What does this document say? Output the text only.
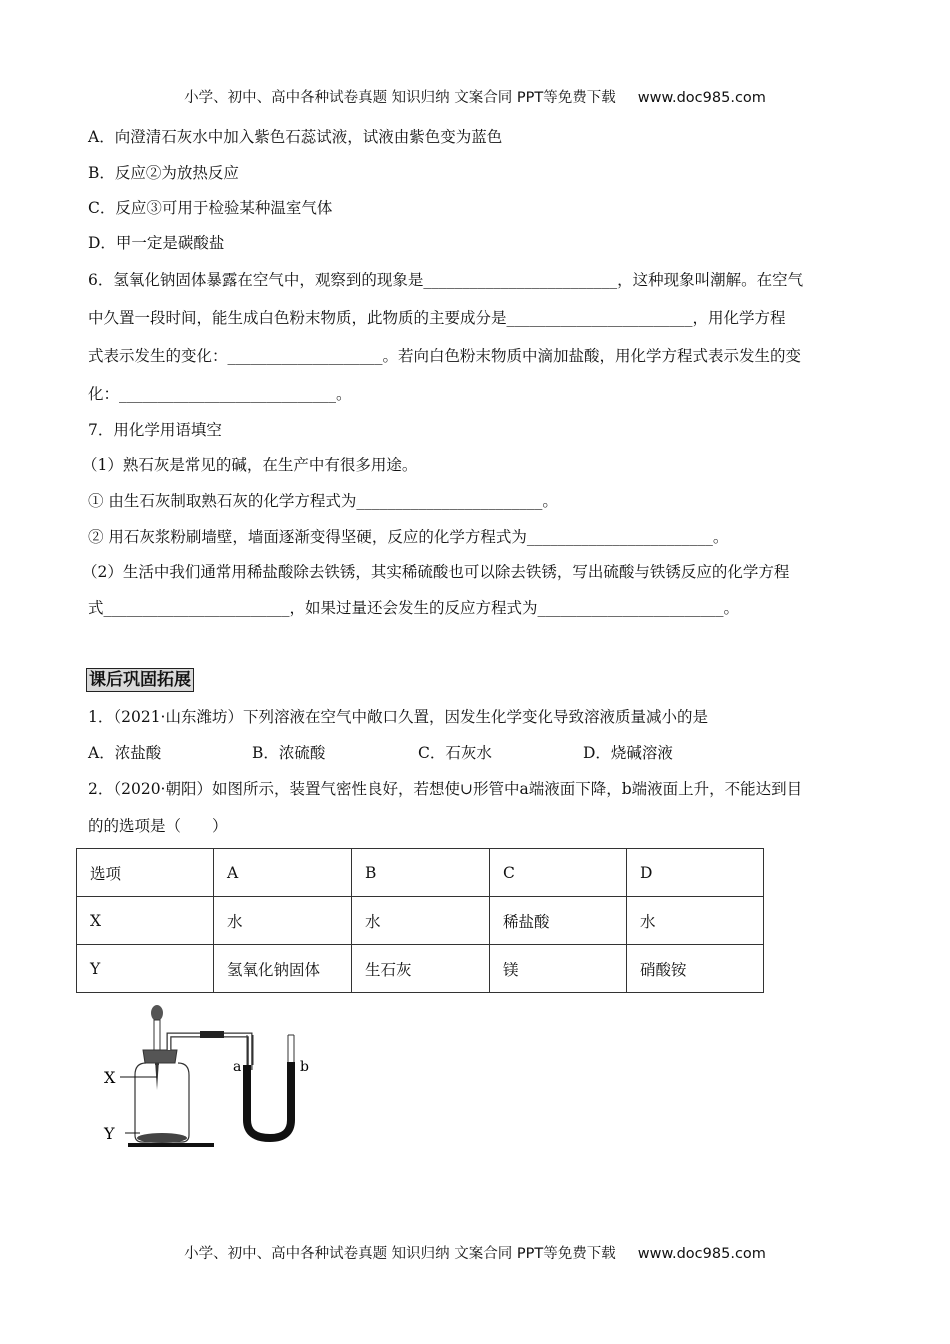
小学、初中、高中各种试卷真题 知识归纳 文案合同 PPT等免费下载 www.doc985.com
A．向澄清石灰水中加入紫色石蕊试液，试液由紫色变为蓝色
B．反应②为放热反应
C．反应③可用于检验某种温室气体
D．甲一定是碳酸盐
6．氢氧化钠固体暴露在空气中，观察到的现象是_________________________，这种现象叫潮解。在空气
中久置一段时间，能生成白色粉末物质，此物质的主要成分是________________________，用化学方程
式表示发生的变化：____________________。若向白色粉末物质中滴加盐酸，用化学方程式表示发生的变
化：____________________________。
7．用化学用语填空
（1）熟石灰是常见的碱，在生产中有很多用途。
① 由生石灰制取熟石灰的化学方程式为________________________。
② 用石灰浆粉刷墙壁，墙面逐渐变得坚硬，反应的化学方程式为________________________。
（2）生活中我们通常用稀盐酸除去铁锈，其实稀硫酸也可以除去铁锈，写出硫酸与铁锈反应的化学方程
式________________________，如果过量还会发生的反应方程式为________________________。
课后巩固拓展
1．（2021·山东潍坊）下列溶液在空气中敞口久置，因发生化学变化导致溶液质量减小的是
A．浓盐酸	B．浓硫酸	C．石灰水	D．烧碱溶液
2．（2020·朝阳）如图所示，装置气密性良好，若想使∪形管中a端液面下降，b端液面上升，不能达到目
的的选项是（　　）
选项	A	B	C	D
X	水	水	稀盐酸	水
Y	氢氧化钠固体	生石灰	镁	硝酸铵
X
Y
a	b
小学、初中、高中各种试卷真题 知识归纳 文案合同 PPT等免费下载 www.doc985.com
